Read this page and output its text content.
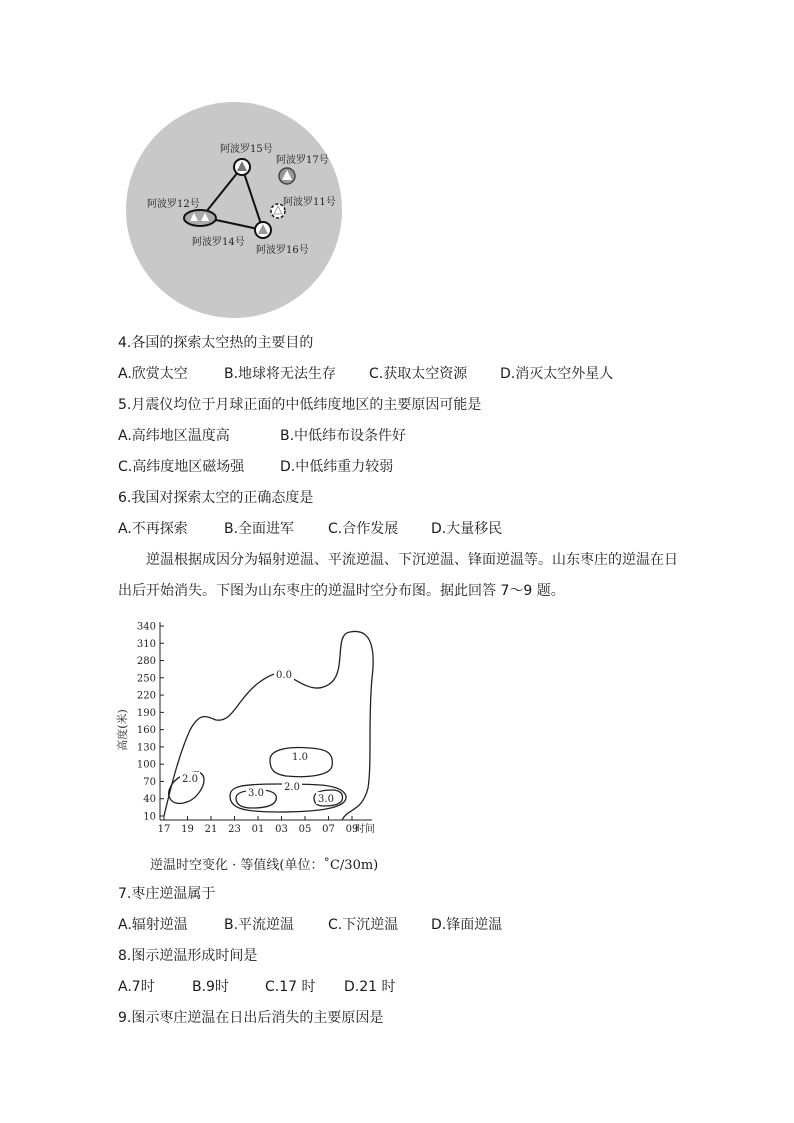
阿波罗15号
阿波罗17号
阿波罗11号
阿波罗12号
阿波罗14号
阿波罗16号
4.各国的探索太空热的主要目的
A.欣赏太空	B.地球将无法生存 C.获取太空资源 D.消灭太空外星人
5.月震仪均位于月球正面的中低纬度地区的主要原因可能是
A.高纬地区温度高	B.中低纬布设条件好
C.高纬度地区磁场强	D.中低纬重力较弱
6.我国对探索太空的正确态度是
A.不再探索	B.全面进军 C.合作发展 D.大量移民
逆温根据成因分为辐射逆温、平流逆温、下沉逆温、锋面逆温等。山东枣庄的逆温在日
出后开始消失。下图为山东枣庄的逆温时空分布图。据此回答 7～9 题。
10
40
70
100
130
160
190
220
250
280
310
340
17 19 21 23 01 03 05 07 09
高度(米)
0.0
1.0
2.0
2.0
3.0
3.0
时间
逆温时空变化 · 等值线(单位：˚C/30m)
7.枣庄逆温属于
A.辐射逆温	B.平流逆温 C.下沉逆温 D.锋面逆温
8.图示逆温形成时间是
A.7时	B.9时	C.17 时 D.21 时
9.图示枣庄逆温在日出后消失的主要原因是
